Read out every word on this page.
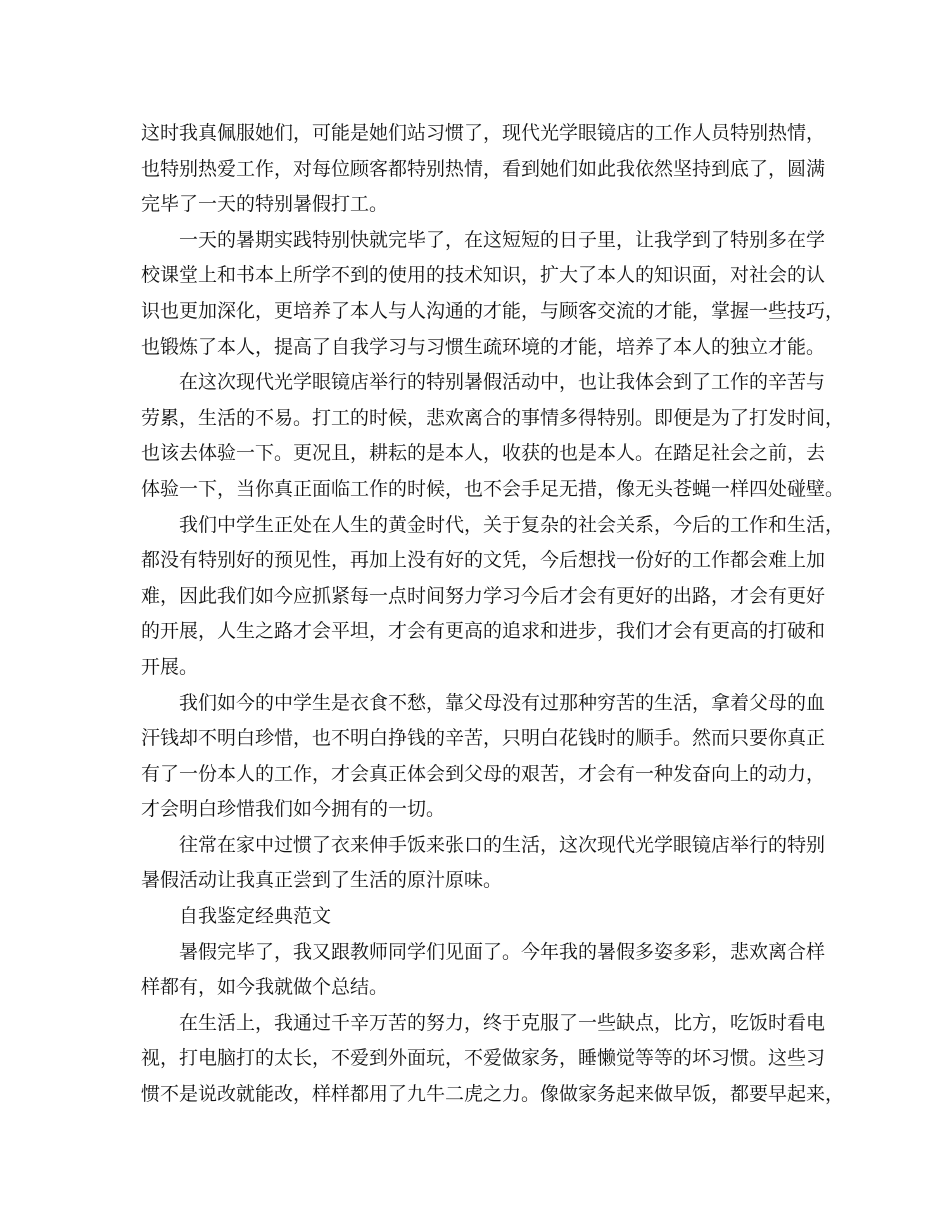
这时我真佩服她们，可能是她们站习惯了，现代光学眼镜店的工作人员特别热情，
也特别热爱工作，对每位顾客都特别热情，看到她们如此我依然坚持到底了，圆满
完毕了一天的特别暑假打工。
一天的暑期实践特别快就完毕了，在这短短的日子里，让我学到了特别多在学
校课堂上和书本上所学不到的使用的技术知识，扩大了本人的知识面，对社会的认
识也更加深化，更培养了本人与人沟通的才能，与顾客交流的才能，掌握一些技巧，
也锻炼了本人，提高了自我学习与习惯生疏环境的才能，培养了本人的独立才能。
在这次现代光学眼镜店举行的特别暑假活动中，也让我体会到了工作的辛苦与
劳累，生活的不易。打工的时候，悲欢离合的事情多得特别。即便是为了打发时间，
也该去体验一下。更况且，耕耘的是本人，收获的也是本人。在踏足社会之前，去
体验一下，当你真正面临工作的时候，也不会手足无措，像无头苍蝇一样四处碰壁。
我们中学生正处在人生的黄金时代，关于复杂的社会关系，今后的工作和生活，
都没有特别好的预见性，再加上没有好的文凭，今后想找一份好的工作都会难上加
难，因此我们如今应抓紧每一点时间努力学习今后才会有更好的出路，才会有更好
的开展，人生之路才会平坦，才会有更高的追求和进步，我们才会有更高的打破和
开展。
我们如今的中学生是衣食不愁，靠父母没有过那种穷苦的生活，拿着父母的血
汗钱却不明白珍惜，也不明白挣钱的辛苦，只明白花钱时的顺手。然而只要你真正
有了一份本人的工作，才会真正体会到父母的艰苦，才会有一种发奋向上的动力，
才会明白珍惜我们如今拥有的一切。
往常在家中过惯了衣来伸手饭来张口的生活，这次现代光学眼镜店举行的特别
暑假活动让我真正尝到了生活的原汁原味。
自我鉴定经典范文
暑假完毕了，我又跟教师同学们见面了。今年我的暑假多姿多彩，悲欢离合样
样都有，如今我就做个总结。
在生活上，我通过千辛万苦的努力，终于克服了一些缺点，比方，吃饭时看电
视，打电脑打的太长，不爱到外面玩，不爱做家务，睡懒觉等等的坏习惯。这些习
惯不是说改就能改，样样都用了九牛二虎之力。像做家务起来做早饭，都要早起来，
